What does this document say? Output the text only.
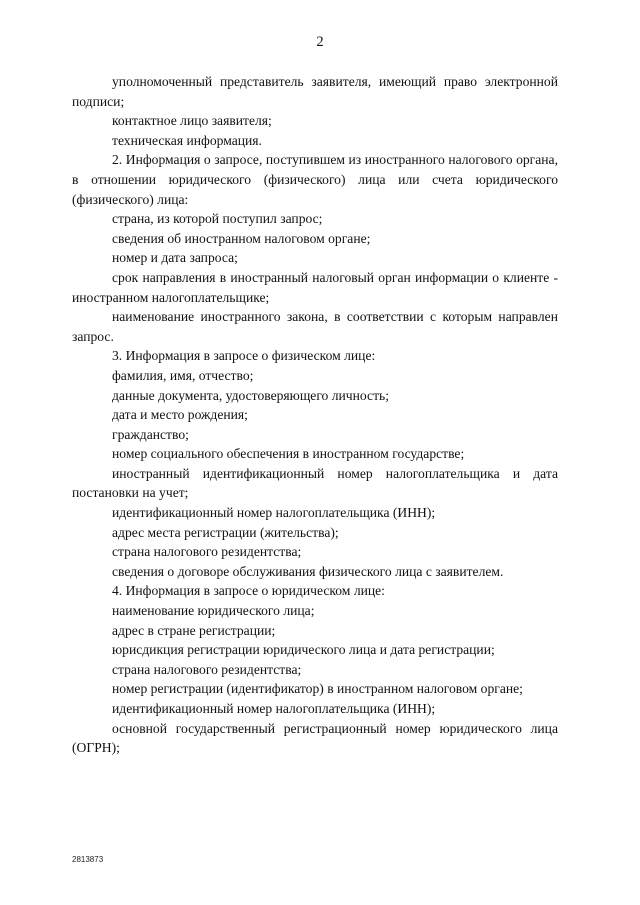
2

уполномоченный представитель заявителя, имеющий право электронной подписи;

контактное лицо заявителя;

техническая информация.

2. Информация о запросе, поступившем из иностранного налогового органа, в отношении юридического (физического) лица или счета юридического (физического) лица:

страна, из которой поступил запрос;

сведения об иностранном налоговом органе;

номер и дата запроса;

срок направления в иностранный налоговый орган информации о клиенте - иностранном налогоплательщике;

наименование иностранного закона, в соответствии с которым направлен запрос.

3. Информация в запросе о физическом лице:

фамилия, имя, отчество;

данные документа, удостоверяющего личность;

дата и место рождения;

гражданство;

номер социального обеспечения в иностранном государстве;

иностранный идентификационный номер налогоплательщика и дата постановки на учет;

идентификационный номер налогоплательщика (ИНН);

адрес места регистрации (жительства);

страна налогового резидентства;

сведения о договоре обслуживания физического лица с заявителем.

4. Информация в запросе о юридическом лице:

наименование юридического лица;

адрес в стране регистрации;

юрисдикция регистрации юридического лица и дата регистрации;

страна налогового резидентства;

номер регистрации (идентификатор) в иностранном налоговом органе;

идентификационный номер налогоплательщика (ИНН);

основной государственный регистрационный номер юридического лица (ОГРН);

2813873
